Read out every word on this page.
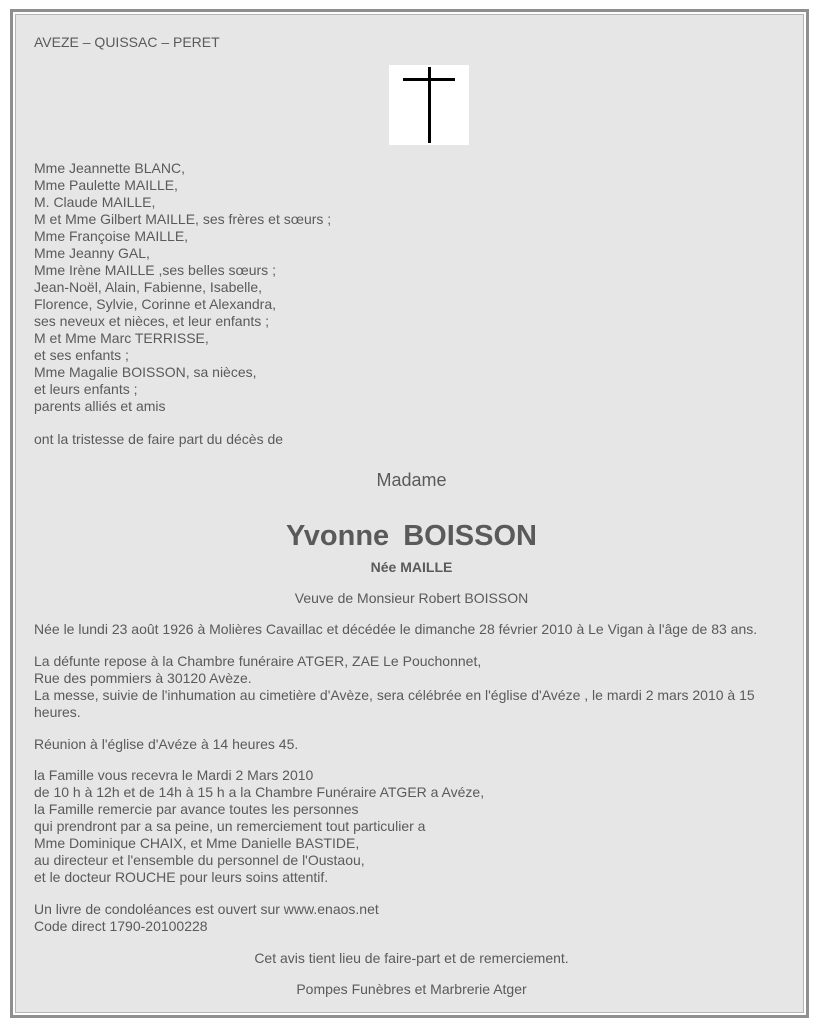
AVEZE – QUISSAC – PERET
Mme Jeannette BLANC,
Mme Paulette MAILLE,
M. Claude MAILLE,
M et Mme Gilbert MAILLE, ses frères et sœurs ;
Mme Françoise MAILLE,
Mme Jeanny GAL,
Mme Irène MAILLE ,ses belles sœurs ;
Jean-Noël, Alain, Fabienne, Isabelle,
Florence, Sylvie, Corinne et Alexandra,
ses neveux et nièces, et leur enfants ;
M et Mme Marc TERRISSE,
et ses enfants ;
Mme Magalie BOISSON, sa nièces,
et leurs enfants ;
parents alliés et amis
ont la tristesse de faire part du décès de
Madame
Yvonne BOISSON
Née MAILLE
Veuve de Monsieur Robert BOISSON
Née le lundi 23 août 1926 à Molières Cavaillac et décédée le dimanche 28 février 2010 à Le Vigan à l'âge de 83 ans.
La défunte repose à la Chambre funéraire ATGER, ZAE Le Pouchonnet,
Rue des pommiers à 30120 Avèze.
La messe, suivie de l'inhumation au cimetière d'Avèze, sera célébrée en l'église d'Avéze , le mardi 2 mars 2010 à 15
heures.
Réunion à l'église d'Avéze à 14 heures 45.
la Famille vous recevra le Mardi 2 Mars 2010
de 10 h à 12h et de 14h à 15 h a la Chambre Funéraire ATGER a Avéze,
la Famille remercie par avance toutes les personnes
qui prendront par a sa peine, un remerciement tout particulier a
Mme Dominique CHAIX, et Mme Danielle BASTIDE,
au directeur et l'ensemble du personnel de l'Oustaou,
et le docteur ROUCHE pour leurs soins attentif.
Un livre de condoléances est ouvert sur www.enaos.net
Code direct 1790-20100228
Cet avis tient lieu de faire-part et de remerciement.
Pompes Funèbres et Marbrerie Atger
